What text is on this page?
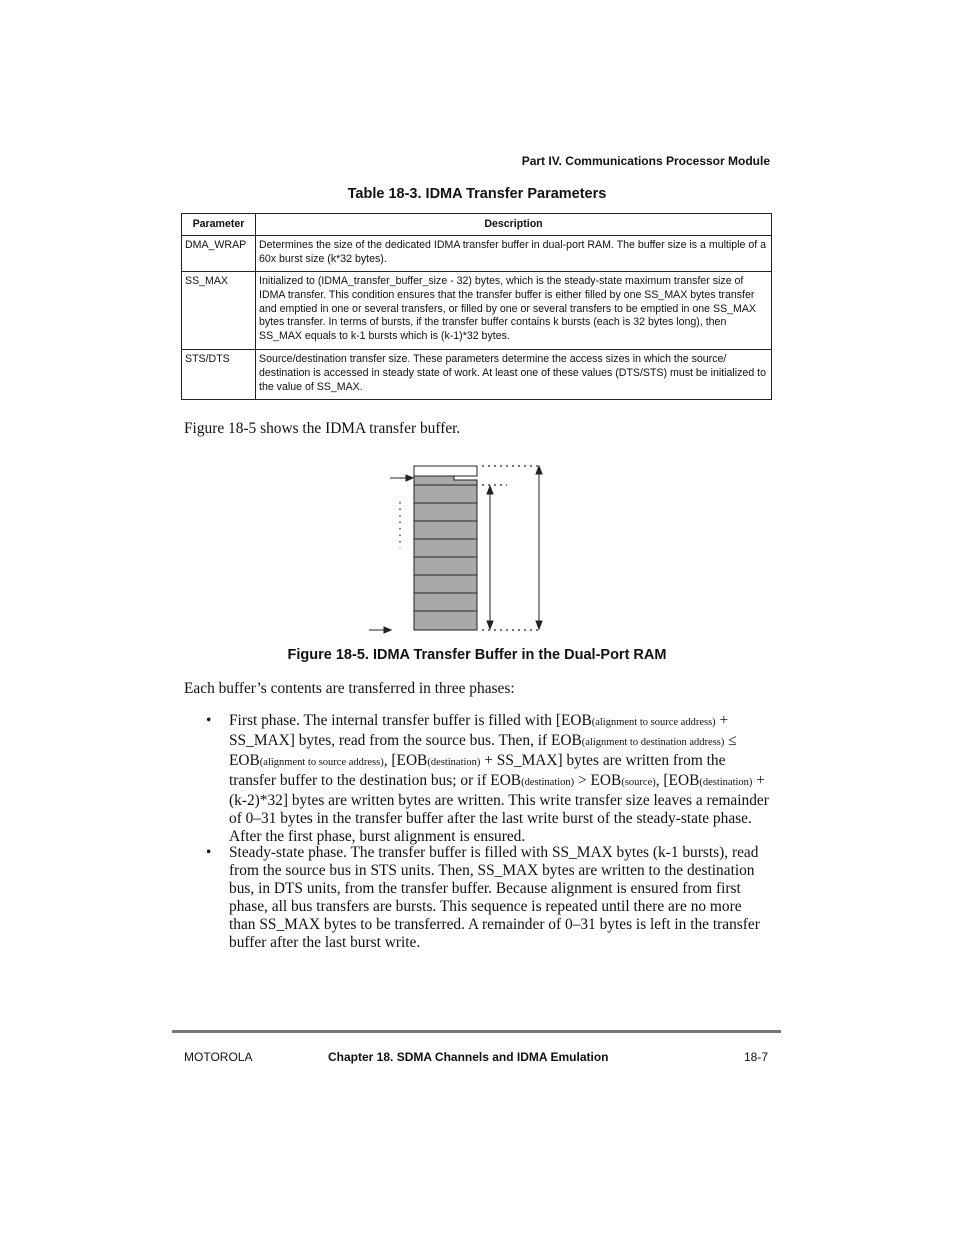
Part IV. Communications Processor Module
Table 18-3. IDMA Transfer Parameters
Parameter	Description
DMA_WRAP	Determines the size of the dedicated IDMA transfer buffer in dual-port RAM. The buffer size is a multiple of a 60x burst size (k*32 bytes).
SS_MAX	Initialized to (IDMA_transfer_buffer_size - 32) bytes, which is the steady-state maximum transfer size of IDMA transfer. This condition ensures that the transfer buffer is either filled by one SS_MAX bytes transfer and emptied in one or several transfers, or filled by one or several transfers to be emptied in one SS_MAX bytes transfer. In terms of bursts, if the transfer buffer contains k bursts (each is 32 bytes long), then SS_MAX equals to k-1 bursts which is (k-1)*32 bytes.
STS/DTS	Source/destination transfer size. These parameters determine the access sizes in which the source/ destination is accessed in steady state of work. At least one of these values (DTS/STS) must be initialized to the value of SS_MAX.
Figure 18-5 shows the IDMA transfer buffer.
Figure 18-5. IDMA Transfer Buffer in the Dual-Port RAM
Each buffer’s contents are transferred in three phases:
• First phase. The internal transfer buffer is filled with [EOB(alignment to source address) + SS_MAX] bytes, read from the source bus. Then, if EOB(alignment to destination address) ≤ EOB(alignment to source address), [EOB(destination) + SS_MAX] bytes are written from the transfer buffer to the destination bus; or if EOB(destination) > EOB(source), [EOB(destination) + (k-2)*32] bytes are written bytes are written. This write transfer size leaves a remainder of 0–31 bytes in the transfer buffer after the last write burst of the steady-state phase. After the first phase, burst alignment is ensured.
• Steady-state phase. The transfer buffer is filled with SS_MAX bytes (k-1 bursts), read from the source bus in STS units. Then, SS_MAX bytes are written to the destination bus, in DTS units, from the transfer buffer. Because alignment is ensured from first phase, all bus transfers are bursts. This sequence is repeated until there are no more than SS_MAX bytes to be transferred. A remainder of 0–31 bytes is left in the transfer buffer after the last burst write.
MOTOROLA	Chapter 18. SDMA Channels and IDMA Emulation	18-7
